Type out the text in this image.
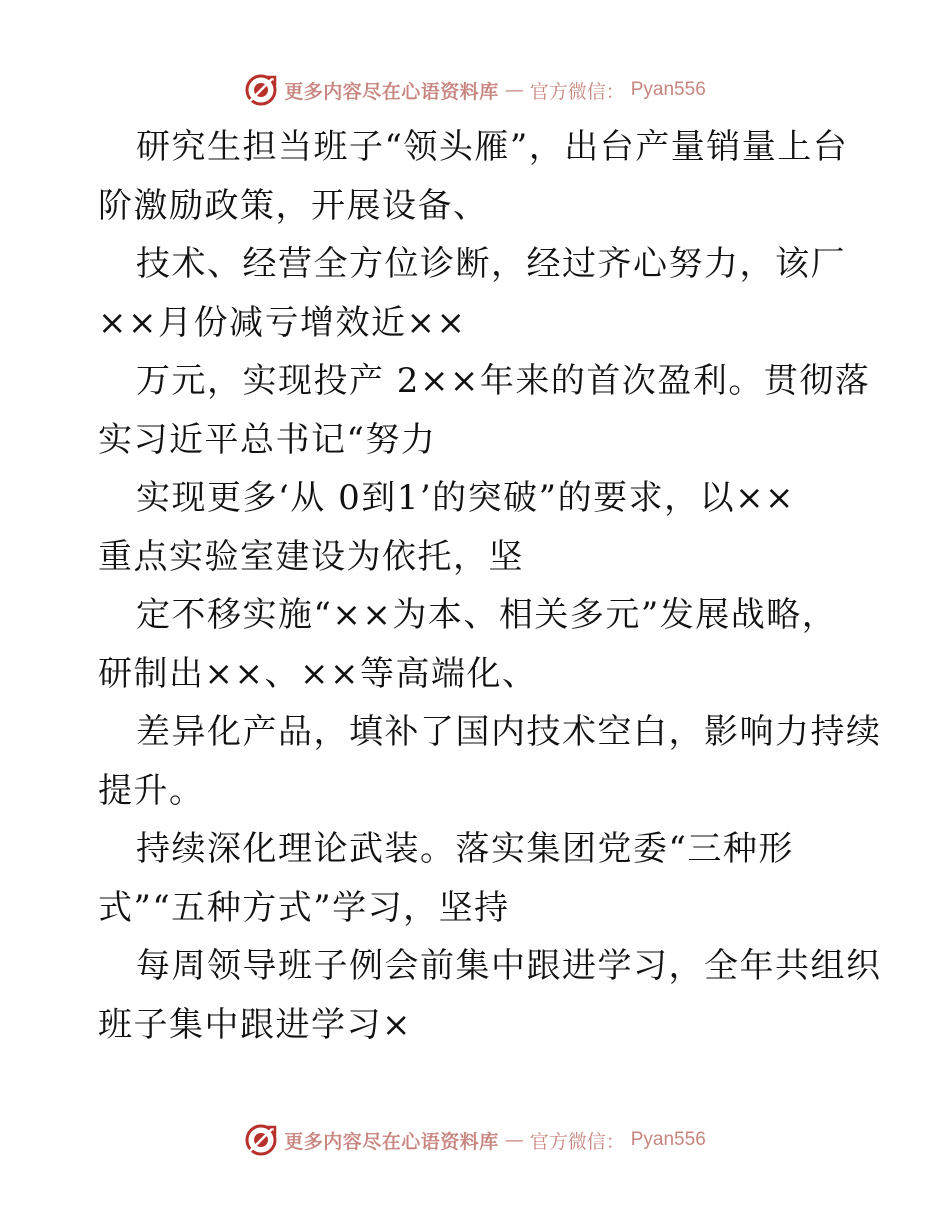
更多内容尽在心语资料库 — 官方微信： Pyan556
研究生担当班子“领头雁”，出台产量销量上台
阶激励政策，开展设备、
技术、经营全方位诊断，经过齐心努力，该厂
××月份减亏增效近××
万元，实现投产 2××年来的首次盈利。贯彻落
实习近平总书记“努力
实现更多‘从 0到1’的突破”的要求，以××
重点实验室建设为依托，坚
定不移实施“××为本、相关多元”发展战略，
研制出××、××等高端化、
差异化产品，填补了国内技术空白，影响力持续
提升。
持续深化理论武装。落实集团党委“三种形
式”“五种方式”学习，坚持
每周领导班子例会前集中跟进学习，全年共组织
班子集中跟进学习×
更多内容尽在心语资料库 — 官方微信： Pyan556
